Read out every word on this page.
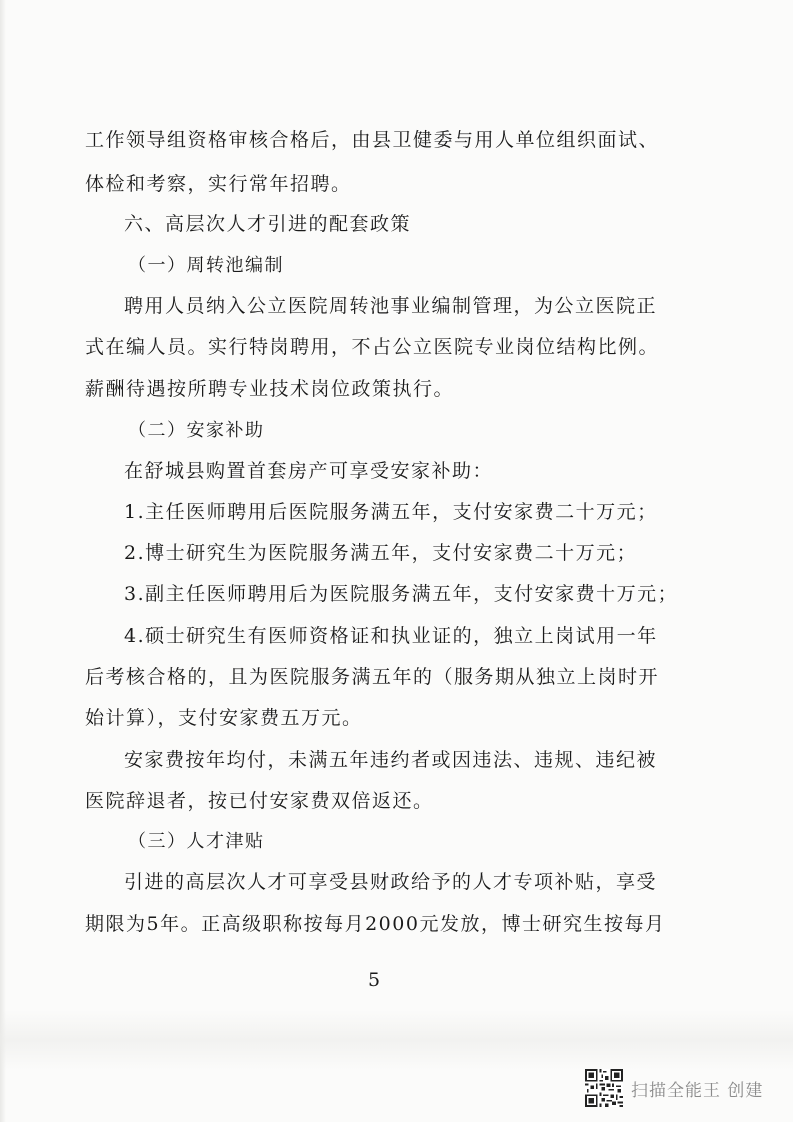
工作领导组资格审核合格后，由县卫健委与用人单位组织面试、
体检和考察，实行常年招聘。
六、高层次人才引进的配套政策
（一）周转池编制
聘用人员纳入公立医院周转池事业编制管理，为公立医院正
式在编人员。实行特岗聘用，不占公立医院专业岗位结构比例。
薪酬待遇按所聘专业技术岗位政策执行。
（二）安家补助
在舒城县购置首套房产可享受安家补助：
1.主任医师聘用后医院服务满五年，支付安家费二十万元；
2.博士研究生为医院服务满五年，支付安家费二十万元；
3.副主任医师聘用后为医院服务满五年，支付安家费十万元；
4.硕士研究生有医师资格证和执业证的，独立上岗试用一年
后考核合格的，且为医院服务满五年的（服务期从独立上岗时开
始计算），支付安家费五万元。
安家费按年均付，未满五年违约者或因违法、违规、违纪被
医院辞退者，按已付安家费双倍返还。
（三）人才津贴
引进的高层次人才可享受县财政给予的人才专项补贴，享受
期限为5年。正高级职称按每月2000元发放，博士研究生按每月
5
扫描全能王 创建
